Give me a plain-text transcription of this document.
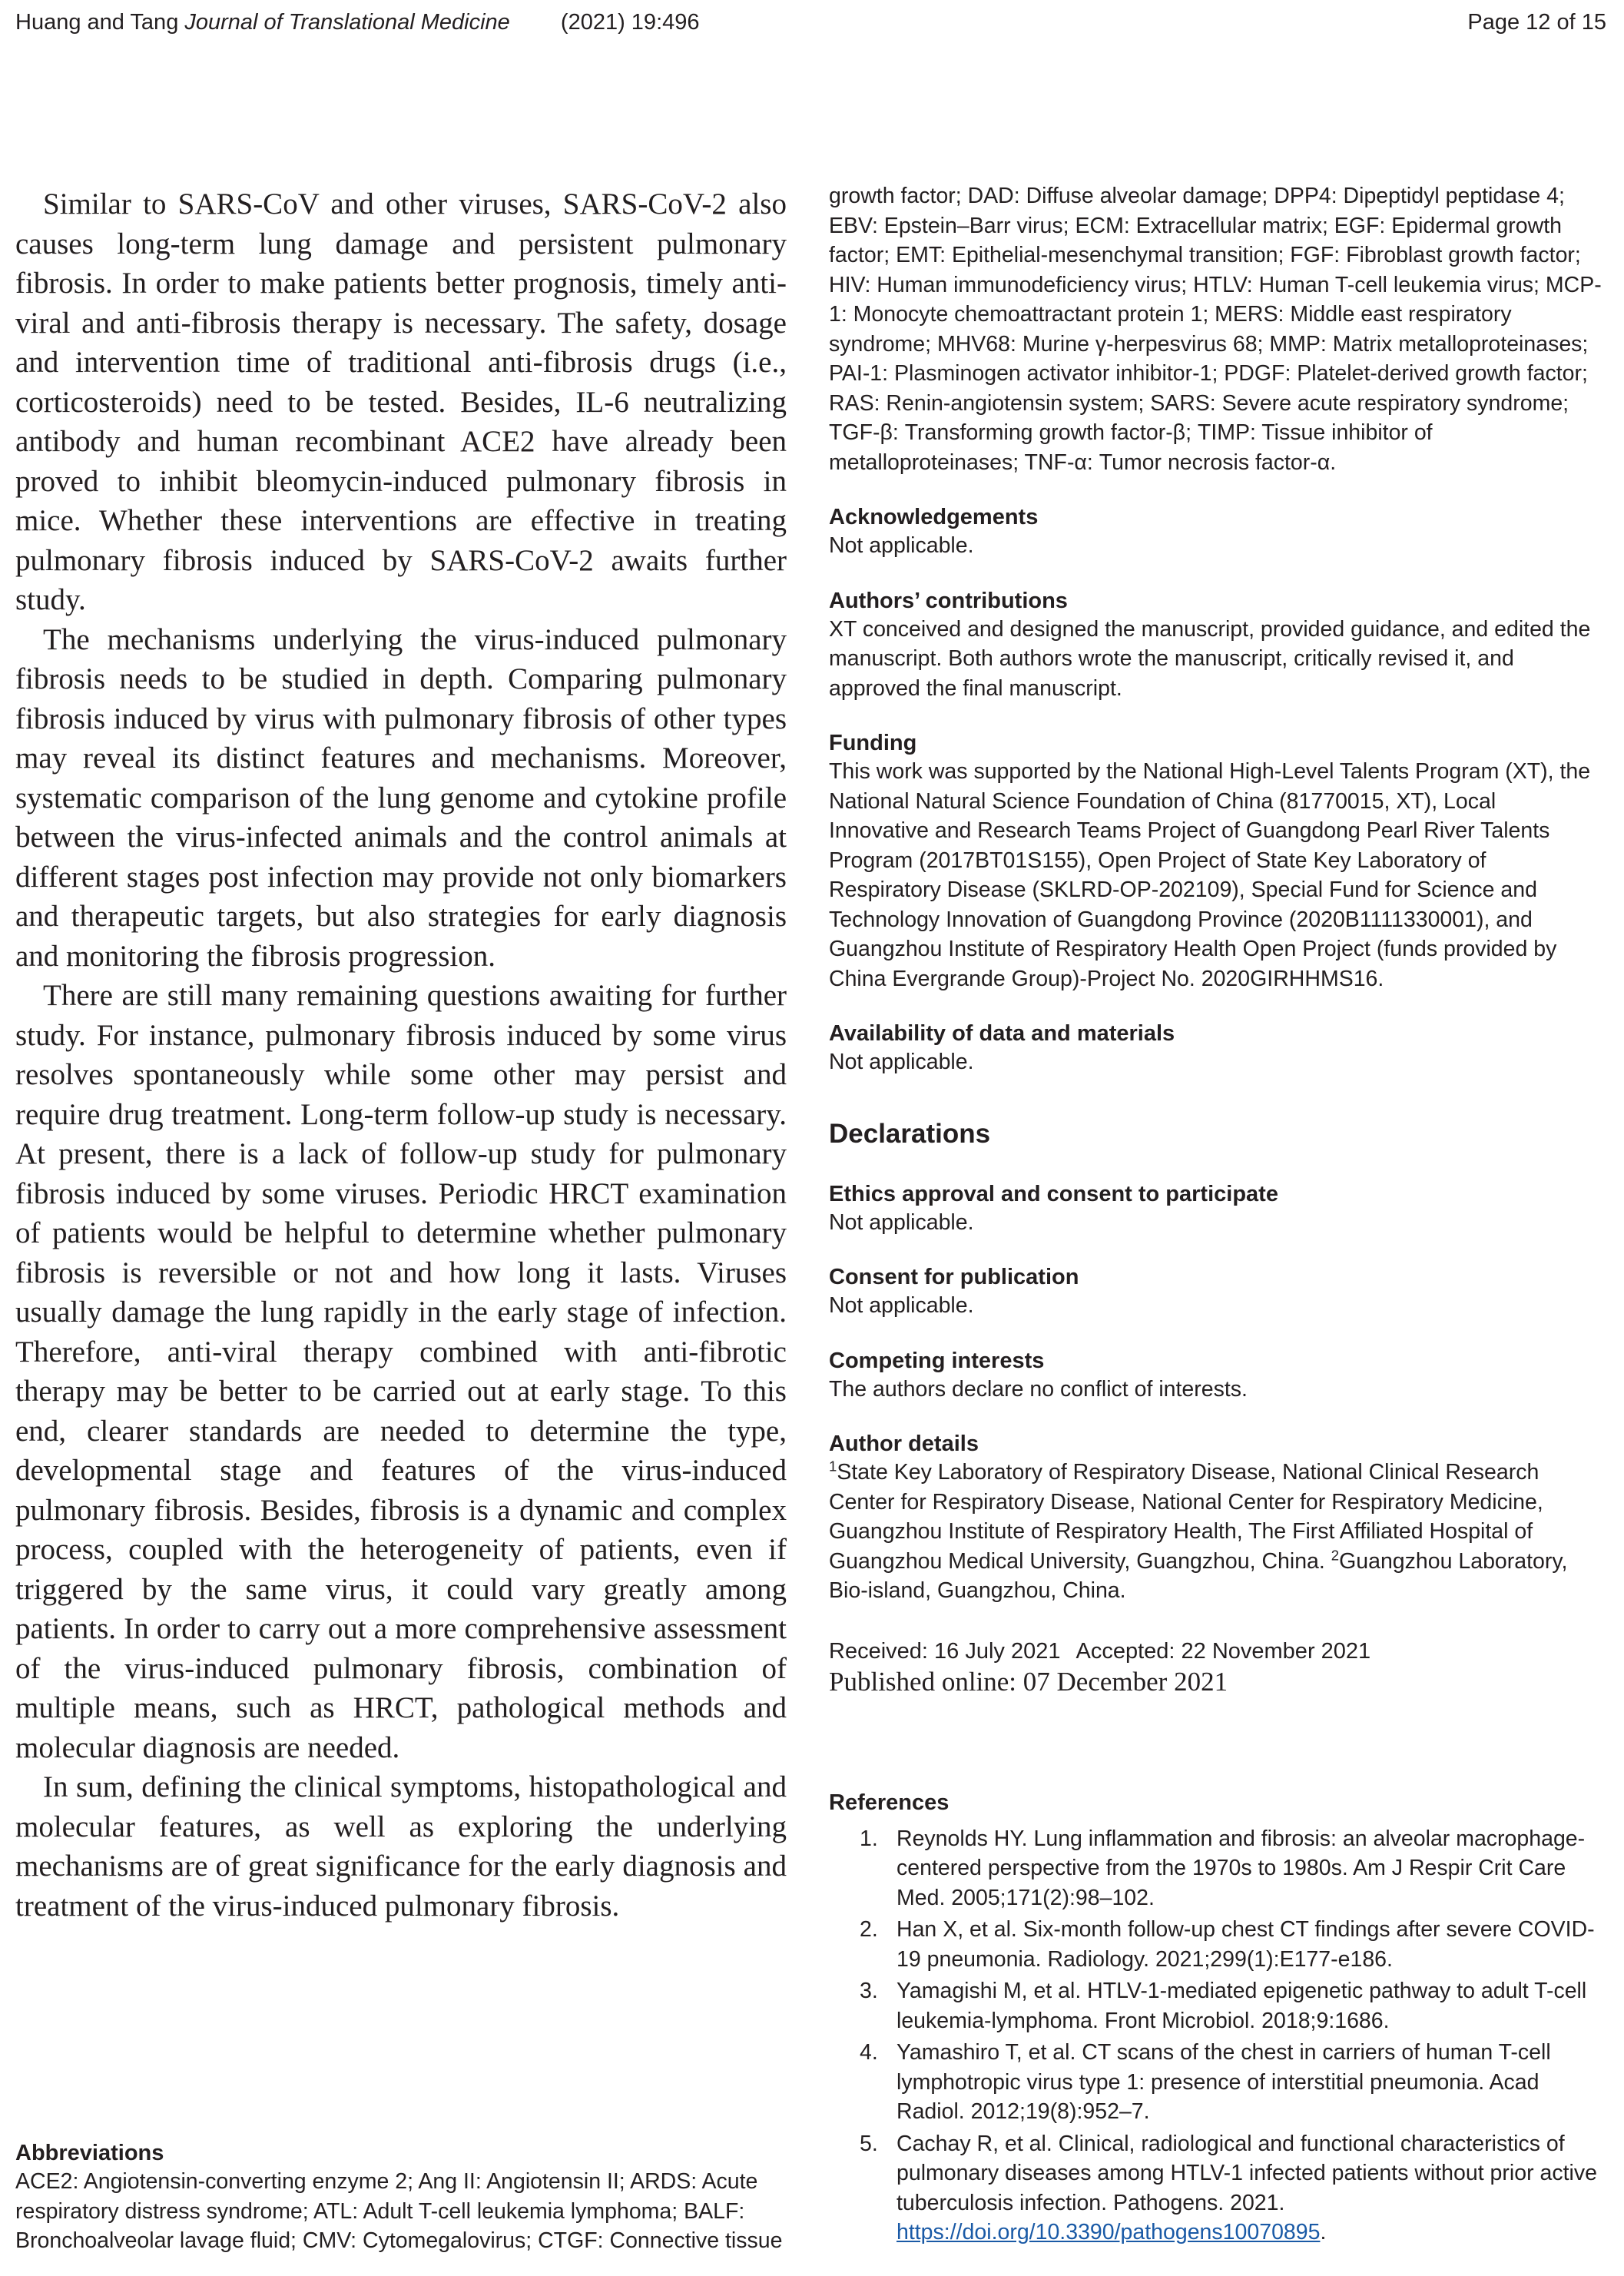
Huang and Tang Journal of Translational Medicine (2021) 19:496	Page 12 of 15

Similar to SARS-CoV and other viruses, SARS-CoV-2 also causes long-term lung damage and persistent pulmonary fibrosis. In order to make patients better prognosis, timely anti-viral and anti-fibrosis therapy is necessary. The safety, dosage and intervention time of traditional anti-fibrosis drugs (i.e., corticosteroids) need to be tested. Besides, IL-6 neutralizing antibody and human recombinant ACE2 have already been proved to inhibit bleomycin-induced pulmonary fibrosis in mice. Whether these interventions are effective in treating pulmonary fibrosis induced by SARS-CoV-2 awaits further study.

The mechanisms underlying the virus-induced pulmonary fibrosis needs to be studied in depth. Comparing pulmonary fibrosis induced by virus with pulmonary fibrosis of other types may reveal its distinct features and mechanisms. Moreover, systematic comparison of the lung genome and cytokine profile between the virus-infected animals and the control animals at different stages post infection may provide not only biomarkers and therapeutic targets, but also strategies for early diagnosis and monitoring the fibrosis progression.

There are still many remaining questions awaiting for further study. For instance, pulmonary fibrosis induced by some virus resolves spontaneously while some other may persist and require drug treatment. Long-term follow-up study is necessary. At present, there is a lack of follow-up study for pulmonary fibrosis induced by some viruses. Periodic HRCT examination of patients would be helpful to determine whether pulmonary fibrosis is reversible or not and how long it lasts. Viruses usually damage the lung rapidly in the early stage of infection. Therefore, anti-viral therapy combined with anti-fibrotic therapy may be better to be carried out at early stage. To this end, clearer standards are needed to determine the type, developmental stage and features of the virus-induced pulmonary fibrosis. Besides, fibrosis is a dynamic and complex process, coupled with the heterogeneity of patients, even if triggered by the same virus, it could vary greatly among patients. In order to carry out a more comprehensive assessment of the virus-induced pulmonary fibrosis, combination of multiple means, such as HRCT, pathological methods and molecular diagnosis are needed.

In sum, defining the clinical symptoms, histopathological and molecular features, as well as exploring the underlying mechanisms are of great significance for the early diagnosis and treatment of the virus-induced pulmonary fibrosis.

Abbreviations

ACE2: Angiotensin-converting enzyme 2; Ang II: Angiotensin II; ARDS: Acute respiratory distress syndrome; ATL: Adult T-cell leukemia lymphoma; BALF: Bronchoalveolar lavage fluid; CMV: Cytomegalovirus; CTGF: Connective tissue

growth factor; DAD: Diffuse alveolar damage; DPP4: Dipeptidyl peptidase 4; EBV: Epstein–Barr virus; ECM: Extracellular matrix; EGF: Epidermal growth factor; EMT: Epithelial-mesenchymal transition; FGF: Fibroblast growth factor; HIV: Human immunodeficiency virus; HTLV: Human T-cell leukemia virus; MCP-1: Monocyte chemoattractant protein 1; MERS: Middle east respiratory syndrome; MHV68: Murine γ-herpesvirus 68; MMP: Matrix metalloproteinases; PAI-1: Plasminogen activator inhibitor-1; PDGF: Platelet-derived growth factor; RAS: Renin-angiotensin system; SARS: Severe acute respiratory syndrome; TGF-β: Transforming growth factor-β; TIMP: Tissue inhibitor of metalloproteinases; TNF-α: Tumor necrosis factor-α.

Acknowledgements

Not applicable.

Authors’ contributions

XT conceived and designed the manuscript, provided guidance, and edited the manuscript. Both authors wrote the manuscript, critically revised it, and approved the final manuscript.

Funding

This work was supported by the National High-Level Talents Program (XT), the National Natural Science Foundation of China (81770015, XT), Local Innovative and Research Teams Project of Guangdong Pearl River Talents Program (2017BT01S155), Open Project of State Key Laboratory of Respiratory Disease (SKLRD-OP-202109), Special Fund for Science and Technology Innovation of Guangdong Province (2020B1111330001), and Guangzhou Institute of Respiratory Health Open Project (funds provided by China Evergrande Group)-Project No. 2020GIRHHMS16.

Availability of data and materials

Not applicable.

Declarations
Ethics approval and consent to participate

Not applicable.

Consent for publication

Not applicable.

Competing interests

The authors declare no conflict of interests.

Author details

$^1$State Key Laboratory of Respiratory Disease, National Clinical Research Center for Respiratory Disease, National Center for Respiratory Medicine, Guangzhou Institute of Respiratory Health, The First Affiliated Hospital of Guangzhou Medical University, Guangzhou, China. $^2$Guangzhou Laboratory, Bio-island, Guangzhou, China.

Received: 16 July 2021 Accepted: 22 November 2021

Published online: 07 December 2021

References
1. Reynolds HY. Lung inflammation and fibrosis: an alveolar macrophage-centered perspective from the 1970s to 1980s. Am J Respir Crit Care Med. 2005;171(2):98–102.
2. Han X, et al. Six-month follow-up chest CT findings after severe COVID-19 pneumonia. Radiology. 2021;299(1):E177-e186.
3. Yamagishi M, et al. HTLV-1-mediated epigenetic pathway to adult T-cell leukemia-lymphoma. Front Microbiol. 2018;9:1686.
4. Yamashiro T, et al. CT scans of the chest in carriers of human T-cell lymphotropic virus type 1: presence of interstitial pneumonia. Acad Radiol. 2012;19(8):952–7.
5. Cachay R, et al. Clinical, radiological and functional characteristics of pulmonary diseases among HTLV-1 infected patients without prior active tuberculosis infection. Pathogens. 2021. https://doi.org/10.3390/pathogens10070895.
